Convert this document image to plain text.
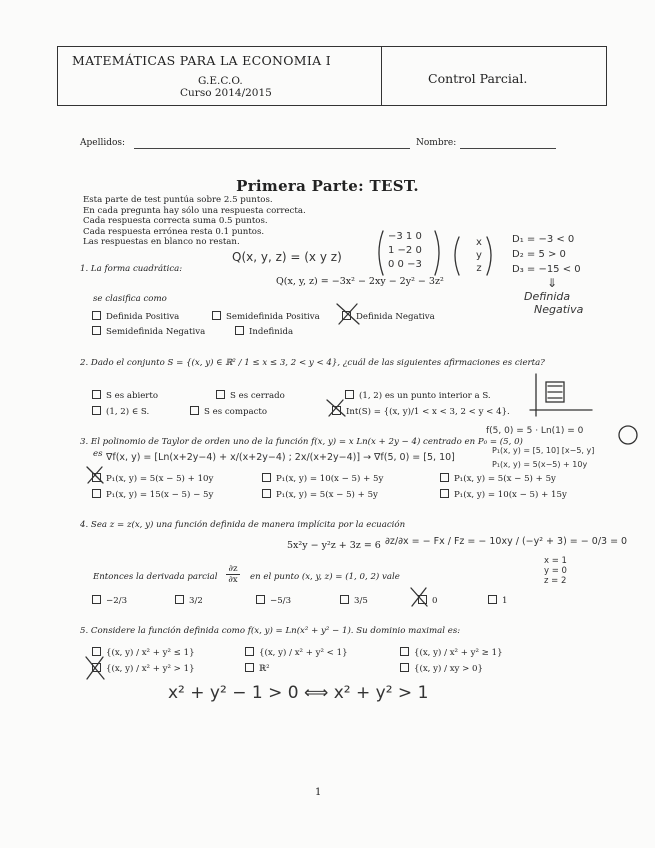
MATEMÁTICAS PARA LA ECONOMIA I
G.E.C.O.
Curso 2014/2015
Control Parcial.
Apellidos:	Nombre:
Primera Parte: TEST.
Esta parte de test puntúa sobre 2.5 puntos.
En cada pregunta hay sólo una respuesta correcta.
Cada respuesta correcta suma 0.5 puntos.
Cada respuesta errónea resta 0.1 puntos.
Las respuestas en blanco no restan.
1. La forma cuadrática:
Q(x, y, z) = −3x² − 2xy − 2y² − 3z²
se clasifica como
Definida Positiva	Semidefinida Positiva	Definida Negativa
Semidefinida Negativa	Indefinida
Q(x, y, z) = (x y z)
−3 1 0
1 −2 0
0 0 −3
x
y
z
D₁ = −3 < 0
D₂ = 5 > 0
D₃ = −15 < 0
⇓
Definida
Negativa
2. Dado el conjunto S = {(x, y) ∈ ℝ² / 1 ≤ x ≤ 3, 2 < y < 4}, ¿cuál de las siguientes afirmaciones es cierta?
S es abierto	S es cerrado	(1, 2) es un punto interior a S.
(1, 2) ∈ S.	S es compacto	Int(S) = {(x, y)/1 < x < 3, 2 < y < 4}.
3. El polinomio de Taylor de orden uno de la función f(x, y) = x Ln(x + 2y − 4) centrado en P₀ = (5, 0)
es
P₁(x, y) = 5(x − 5) + 10y	P₁(x, y) = 10(x − 5) + 5y	P₁(x, y) = 5(x − 5) + 5y
P₁(x, y) = 15(x − 5) − 5y	P₁(x, y) = 5(x − 5) + 5y	P₁(x, y) = 10(x − 5) + 15y
f(5, 0) = 5 · Ln(1) = 0
∇f(x, y) = [Ln(x+2y−4) + x/(x+2y−4) ; 2x/(x+2y−4)] → ∇f(5, 0) = [5, 10]
P₁(x, y) = [5, 10] [x−5, y]
P₁(x, y) = 5(x−5) + 10y
4. Sea z = z(x, y) una función definida de manera implícita por la ecuación
5x²y − y²z + 3z = 6
Entonces la derivada parcial
∂z
∂x en el punto (x, y, z) = (1, 0, 2) vale
−2/3	3/2	−5/3	3/5	0	1
∂z/∂x = − Fx / Fz = − 10xy / (−y² + 3) = − 0/3 = 0
x = 1
y = 0
z = 2
5. Considere la función definida como f(x, y) = Ln(x² + y² − 1). Su dominio maximal es:
{(x, y) / x² + y² ≤ 1}	{(x, y) / x² + y² < 1}	{(x, y) / x² + y² ≥ 1}
{(x, y) / x² + y² > 1}	ℝ²	{(x, y) / xy > 0}
x² + y² − 1 > 0 ⟺ x² + y² > 1
1
